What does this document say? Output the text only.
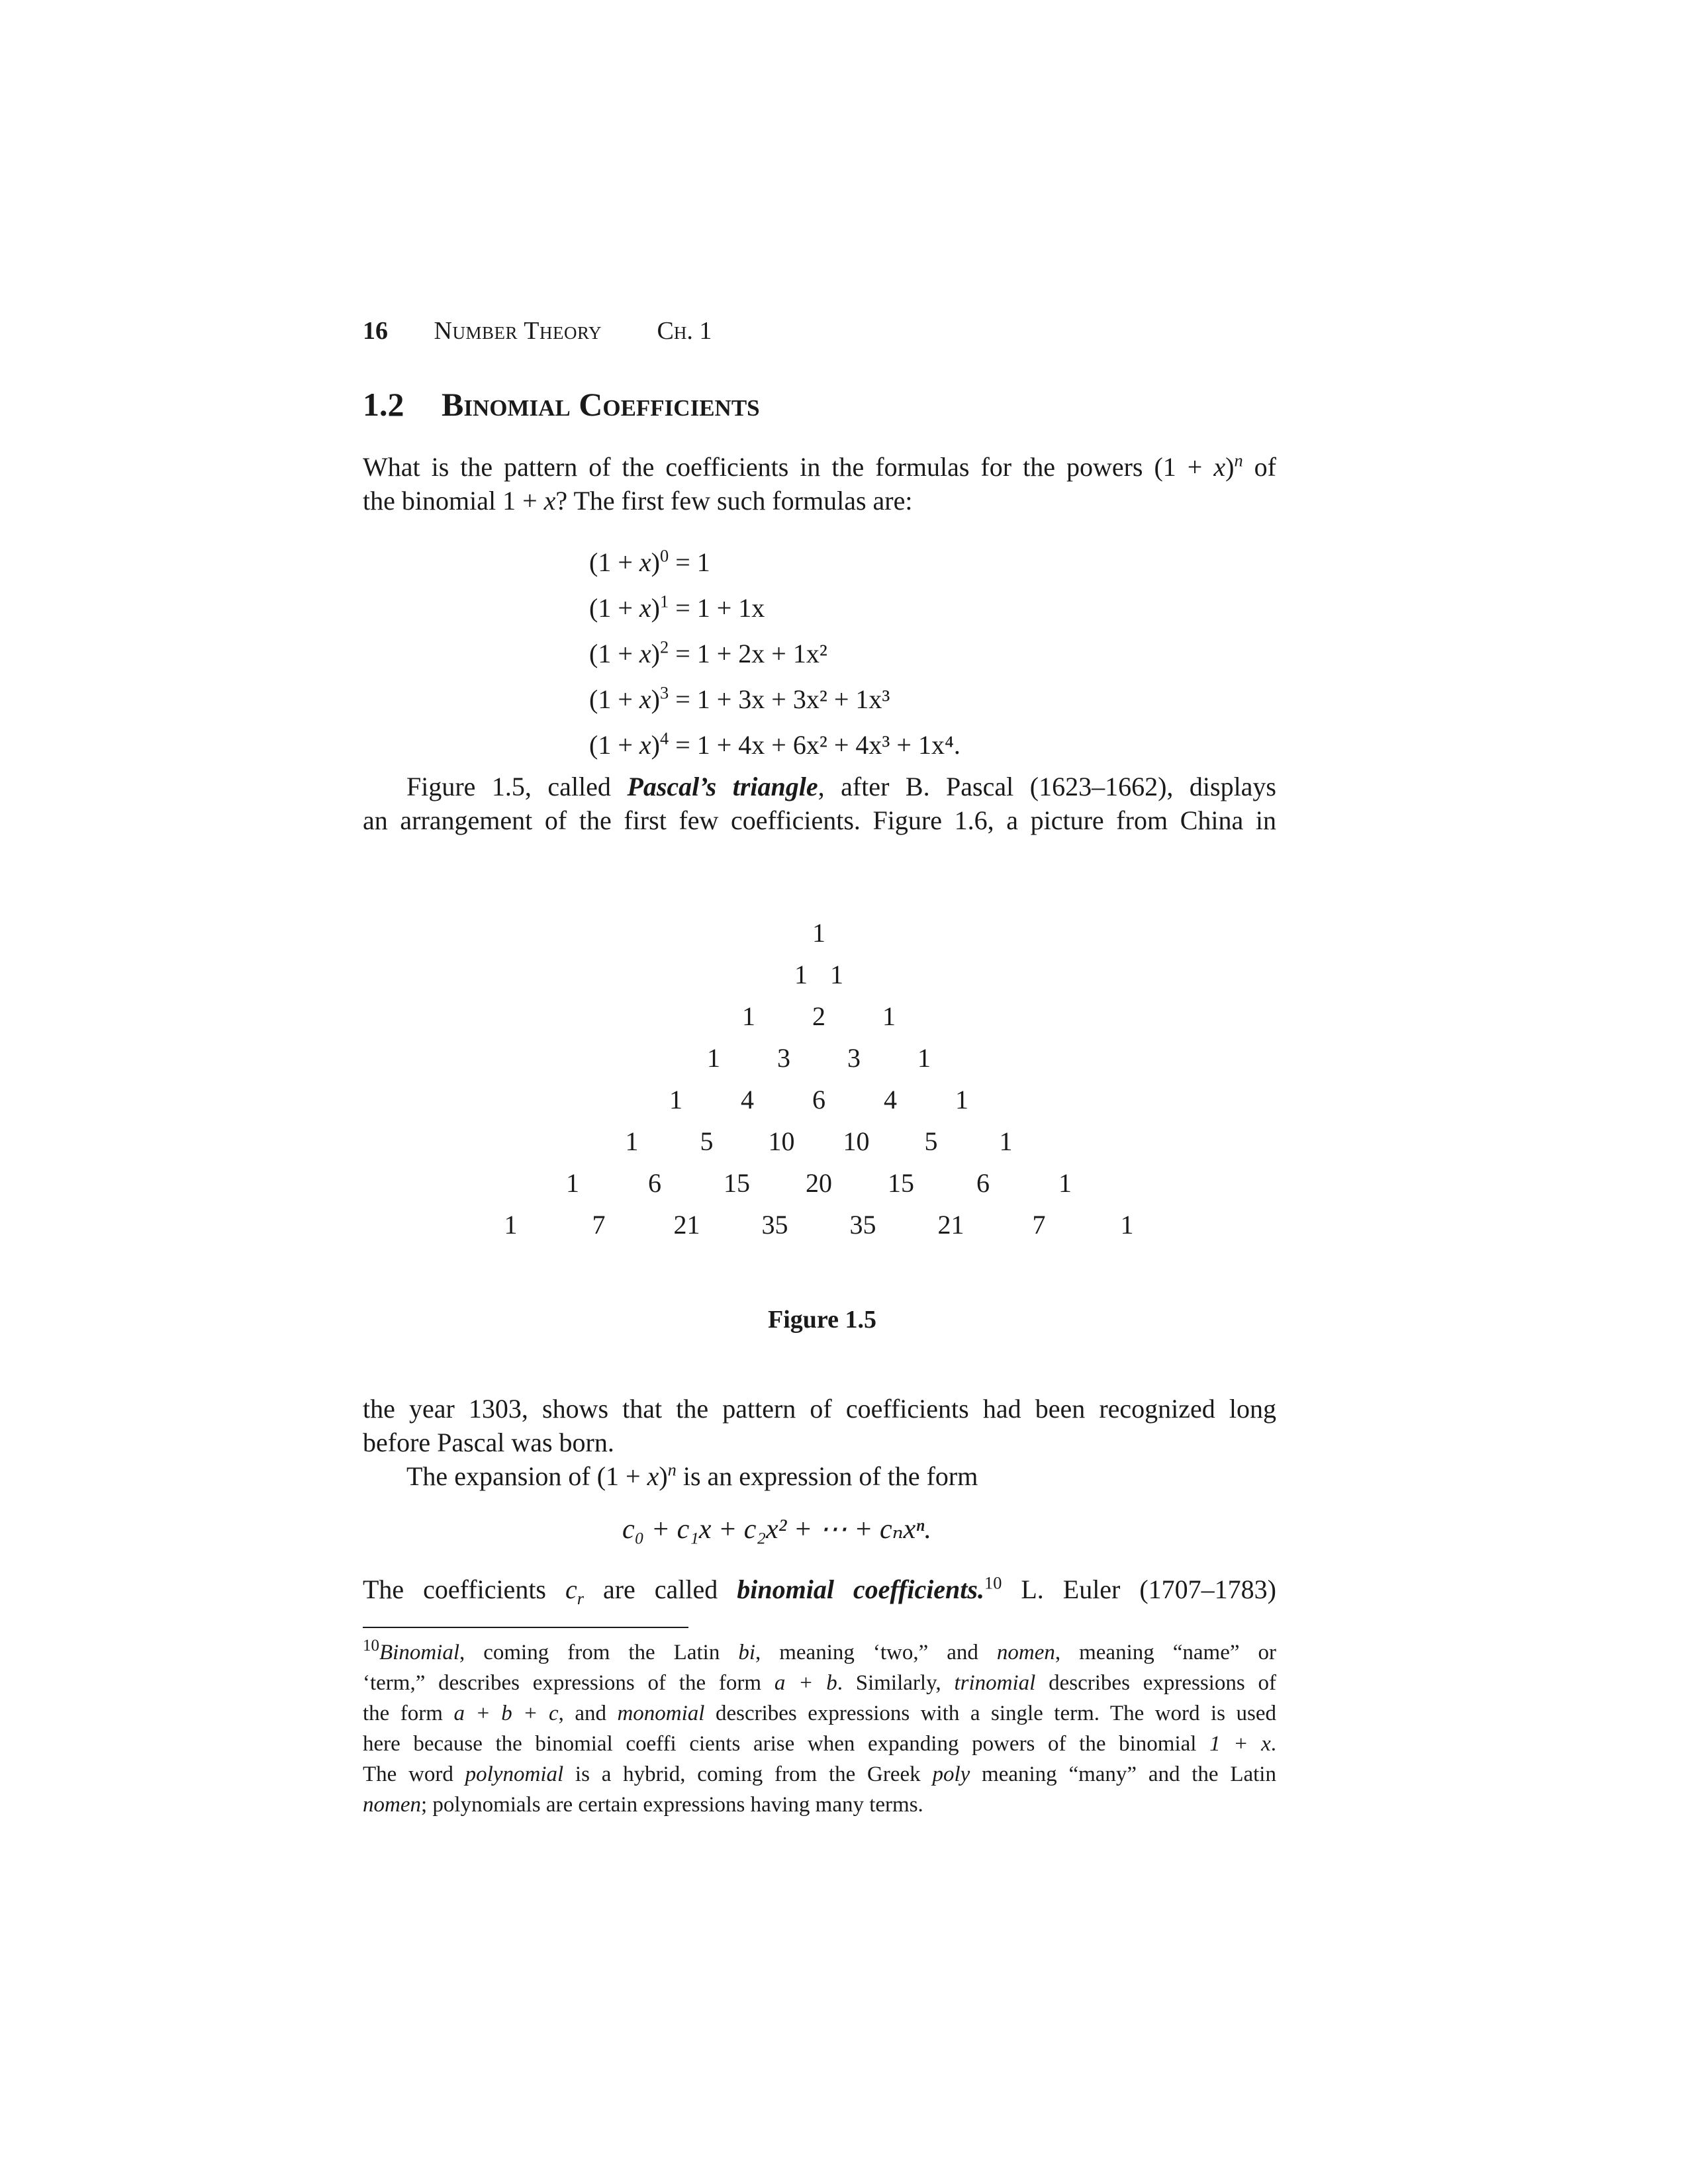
16 Number Theory Ch. 1
1.2 Binomial Coefficients
What is the pattern of the coefficients in the formulas for the powers $(1 + x)^n$ of
the binomial 1 + x? The first few such formulas are:
$(1 + x)^0 = 1$
$(1 + x)^1 = 1 + 1x$
$(1 + x)^2 = 1 + 2x + 1x^2$
$(1 + x)^3 = 1 + 3x + 3x^2 + 1x^3$
$(1 + x)^4 = 1 + 4x + 6x^2 + 4x^3 + 1x^4$.
Figure 1.5, called Pascal’s triangle, after B. Pascal (1623–1662), displays
an arrangement of the first few coefficients. Figure 1.6, a picture from China in
1
1 1
1 2 1
1 3 3 1
1 4 6 4 1
1 5 10 10 5 1
1	6 15 20 15 6	1
1	7	21 35 35 21	7	1
Figure 1.5
the year 1303, shows that the pattern of coefficients had been recognized long
before Pascal was born.
The expansion of $(1 + x)^n$ is an expression of the form
c₀ + c₁x + c₂x² + ⋯ + cₙxⁿ.
The coefficients $c_r$ are called binomial coefficients.$^{10}$ L. Euler (1707–1783)
$^{10}$Binomial, coming from the Latin bi, meaning ‘two,” and nomen, meaning “name” or
‘term,” describes expressions of the form a + b. Similarly, trinomial describes expressions of
the form a + b + c, and monomial describes expressions with a single term. The word is used
here because the binomial coeffi cients arise when expanding powers of the binomial 1 + x.
The word polynomial is a hybrid, coming from the Greek poly meaning “many” and the Latin
nomen; polynomials are certain expressions having many terms.
